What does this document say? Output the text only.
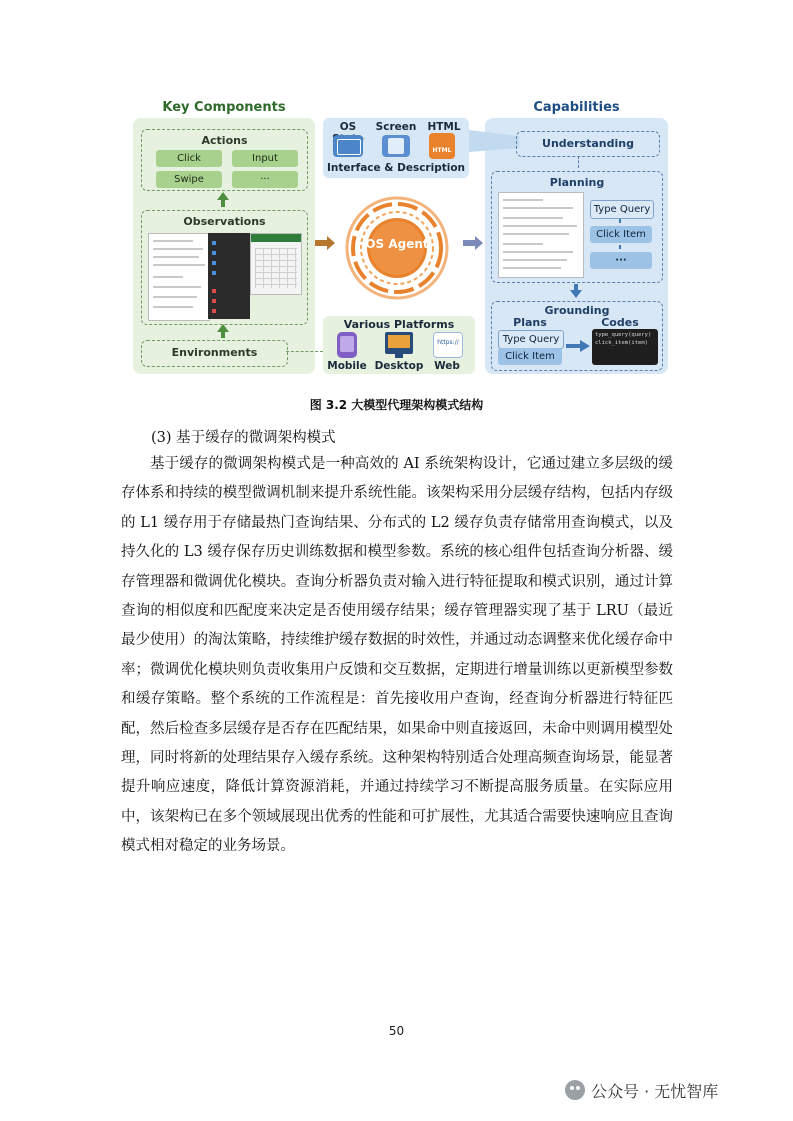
Key Components	Capabilities
Actions
Click	Input
Swipe	···
Observations
Environments
OS	Screen	HTML
HTML
Interface & Description
OS Agent
Various Platforms
https://
Mobile Desktop	Web
Understanding
Planning
Type Query
Click Item
···
Grounding
Plans	Codes
Type Query
Click Item
type_query(query)
click_item(item)
图 3.2 大模型代理架构模式结构
(3) 基于缓存的微调架构模式
基于缓存的微调架构模式是一种高效的 AI 系统架构设计，它通过建立多层级的缓存体系和持续的模型微调机制来提升系统性能。该架构采用分层缓存结构，包括内存级的 L1 缓存用于存储最热门查询结果、分布式的 L2 缓存负责存储常用查询模式，以及持久化的 L3 缓存保存历史训练数据和模型参数。系统的核心组件包括查询分析器、缓存管理器和微调优化模块。查询分析器负责对输入进行特征提取和模式识别，通过计算查询的相似度和匹配度来决定是否使用缓存结果；缓存管理器实现了基于 LRU（最近最少使用）的淘汰策略，持续维护缓存数据的时效性，并通过动态调整来优化缓存命中率；微调优化模块则负责收集用户反馈和交互数据，定期进行增量训练以更新模型参数和缓存策略。整个系统的工作流程是：首先接收用户查询，经查询分析器进行特征匹配，然后检查多层缓存是否存在匹配结果，如果命中则直接返回，未命中则调用模型处理，同时将新的处理结果存入缓存系统。这种架构特别适合处理高频查询场景，能显著提升响应速度，降低计算资源消耗，并通过持续学习不断提高服务质量。在实际应用中，该架构已在多个领域展现出优秀的性能和可扩展性，尤其适合需要快速响应且查询模式相对稳定的业务场景。
50
公众号 · 无忧智库
